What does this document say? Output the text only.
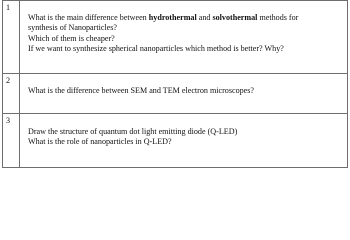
1	What is the main difference between hydrothermal and solvothermal methods for
synthesis of Nanoparticles?
Which of them is cheaper?
If we want to synthesize spherical nanoparticles which method is better? Why?

2	What is the difference between SEM and TEM electron microscopes?

3	Draw the structure of quantum dot light emitting diode (Q-LED)
What is the role of nanoparticles in Q-LED?
